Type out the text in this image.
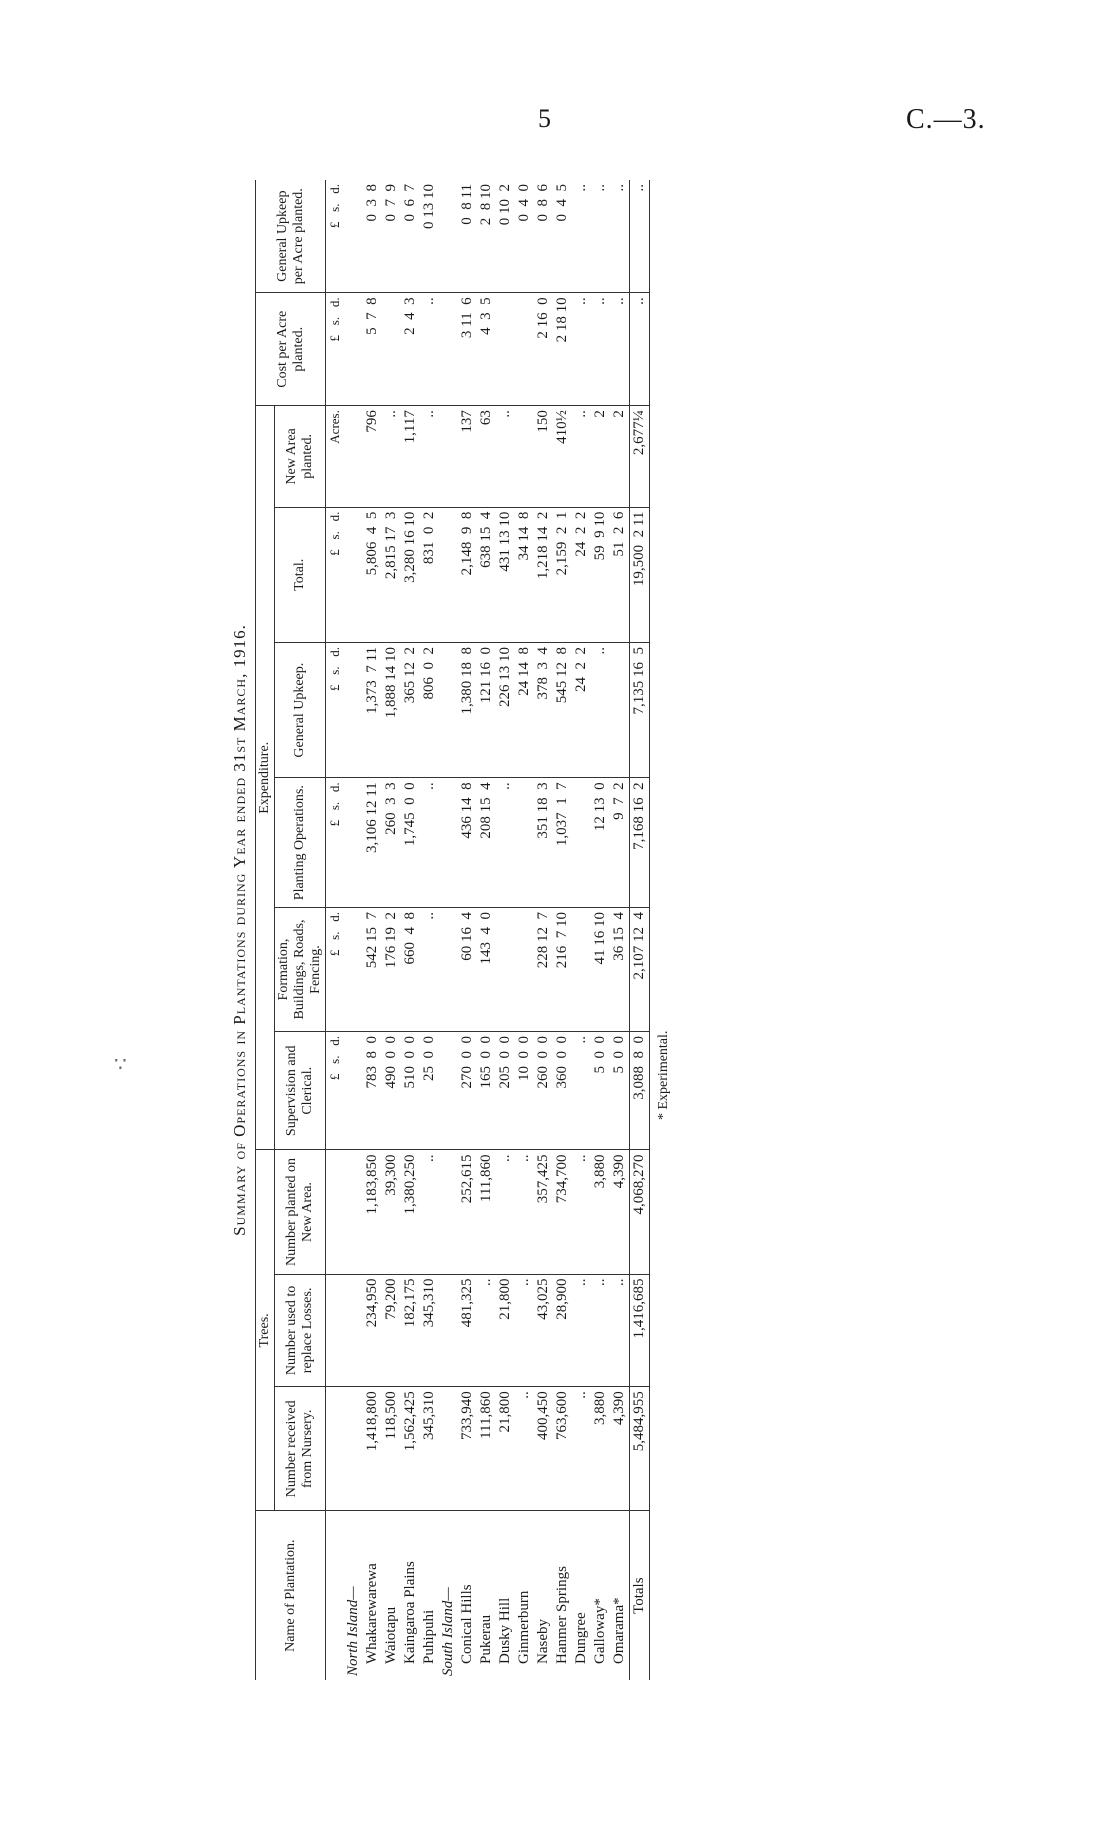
5	C.—3.
∵	Summary of Operations in Plantations during Year ended 31st March, 1916.
Name of Plantation.	Trees.			Expenditure.						Cost per Acre planted.	General Upkeep per Acre planted.
	Number received from Nursery.	Number used to replace Losses.	Number planted on New Area.	Supervision and Clerical.	Formation, Buildings, Roads, Fencing.	Planting Operations.	General Upkeep.	Total.	New Area planted.		
				£   s.   d.	£   s.   d.	£   s.   d.	£   s.   d.	£   s.   d.	Acres.	£   s.   d.	£   s.   d.
North Island—											
Whakarewarewa	1,418,800	234,950	1,183,850	783  8  0	542 15  7	3,106 12 11	1,373  7 11	5,806  4  5	796	5  7  8	0  3  8
Waiotapu	118,500	79,200	39,300	490  0  0	176 19  2	260  3  3	1,888 14 10	2,815 17  3	..		0  7  9
Kaingaroa Plains	1,562,425	182,175	1,380,250	510  0  0	660  4  8	1,745  0  0	365 12  2	3,280 16 10	1,117	2  4  3	0  6  7
Puhipuhi	345,310	345,310	..	25  0  0	..	..	806  0  2	831  0  2	..	..	0 13 10
South Island—											
Conical Hills	733,940	481,325	252,615	270  0  0	60 16  4	436 14  8	1,380 18  8	2,148  9  8	137	3 11  6	0  8 11
Pukerau	111,860	..	111,860	165  0  0	143  4  0	208 15  4	121 16  0	638 15  4	63	4  3  5	2  8 10
Dusky Hill	21,800	21,800	..	205  0  0		..	226 13 10	431 13 10	..		0 10  2
Ginmerburn	..	..	..	10  0  0			24 14  8	34 14  8			0  4  0
Naseby	400,450	43,025	357,425	260  0  0	228 12  7	351 18  3	378  3  4	1,218 14  2	150	2 16  0	0  8  6
Hanmer Springs	763,600	28,900	734,700	360  0  0	216  7 10	1,037  1  7	545 12  8	2,159  2  1	410½	2 18 10	0  4  5
Dungree	..	..	..	..			24  2  2	24  2  2	..	..	..
Galloway*	3,880	..	3,880	5  0  0	41 16 10	12 13  0	..	59  9 10	2	..	..
Omarama*	4,390	..	4,390	5  0  0	36 15  4	9  7  2		51  2  6	2	..	..
Totals	5,484,955	1,416,685	4,068,270	3,088  8  0	2,107 12  4	7,168 16  2	7,135 16  5	19,500  2 11	2,677¼	..	..
* Experimental.
